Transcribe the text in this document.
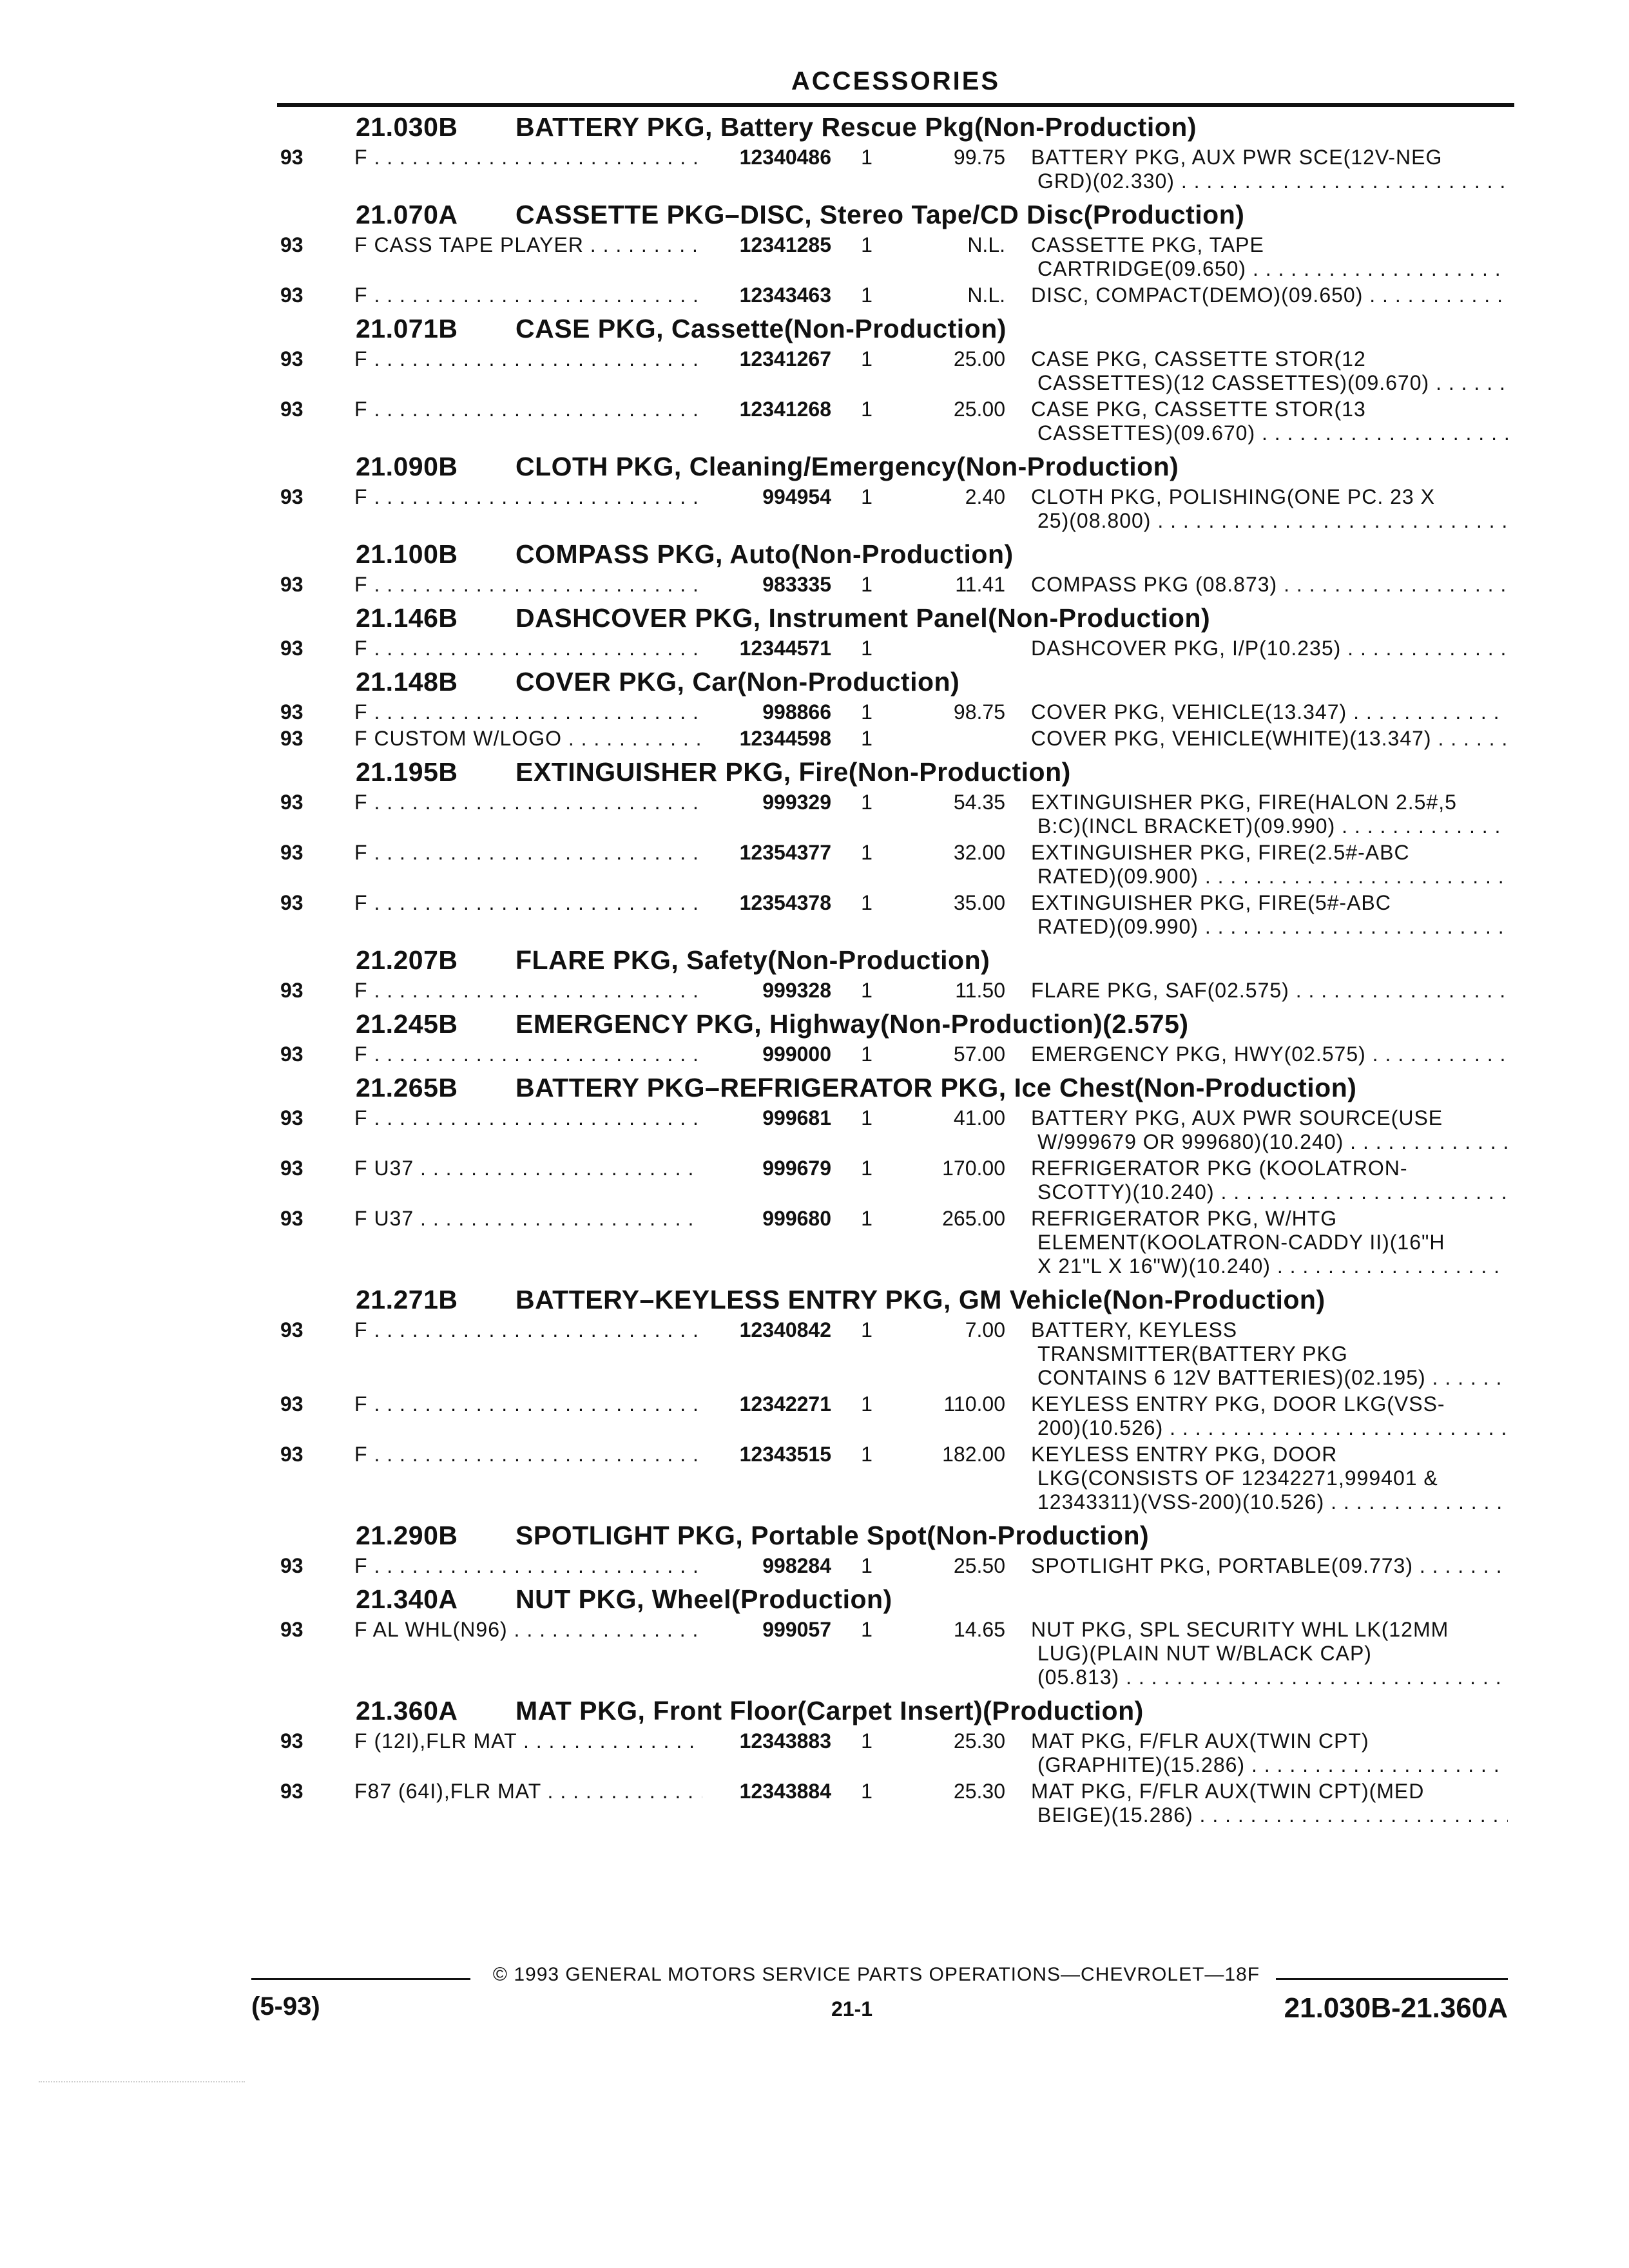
ACCESSORIES
21.030B BATTERY PKG, Battery Rescue Pkg(Non-Production)
93 F . . .	12340486 1	99.75 BATTERY PKG, AUX PWR SCE(12V-NEG
GRD)(02.330) . . .
21.070A CASSETTE PKG–DISC, Stereo Tape/CD Disc(Production)
93 F CASS TAPE PLAYER . . .	12341285 1	N.L. CASSETTE PKG, TAPE
CARTRIDGE(09.650) . . .
93 F . . .	12343463 1	N.L. DISC, COMPACT(DEMO)(09.650) . . .
21.071B CASE PKG, Cassette(Non-Production)
93 F . . .	12341267 1	25.00 CASE PKG, CASSETTE STOR(12
CASSETTES)(12 CASSETTES)(09.670) . . .
93 F . . .	12341268 1	25.00 CASE PKG, CASSETTE STOR(13
CASSETTES)(09.670) . . .
21.090B CLOTH PKG, Cleaning/Emergency(Non-Production)
93 F . . .	994954 1	2.40 CLOTH PKG, POLISHING(ONE PC. 23 X
25)(08.800) . . .
21.100B COMPASS PKG, Auto(Non-Production)
93 F . . .	983335 1	11.41 COMPASS PKG (08.873) . . .
21.146B DASHCOVER PKG, Instrument Panel(Non-Production)
93 F . . .	12344571 1	DASHCOVER PKG, I/P(10.235) . . .
21.148B COVER PKG, Car(Non-Production)
93 F . . .	998866 1	98.75 COVER PKG, VEHICLE(13.347) . . .
93 F CUSTOM W/LOGO . . .	12344598 1	COVER PKG, VEHICLE(WHITE)(13.347) . . .
21.195B EXTINGUISHER PKG, Fire(Non-Production)
93 F . . .	999329 1	54.35 EXTINGUISHER PKG, FIRE(HALON 2.5#,5
B:C)(INCL BRACKET)(09.990) . . .
93 F . . .	12354377 1	32.00 EXTINGUISHER PKG, FIRE(2.5#-ABC
RATED)(09.900) . . .
93 F . . .	12354378 1	35.00 EXTINGUISHER PKG, FIRE(5#-ABC
RATED)(09.990) . . .
21.207B FLARE PKG, Safety(Non-Production)
93 F . . .	999328 1	11.50 FLARE PKG, SAF(02.575) . . .
21.245B EMERGENCY PKG, Highway(Non-Production)(2.575)
93 F . . .	999000 1	57.00 EMERGENCY PKG, HWY(02.575) . . .
21.265B BATTERY PKG–REFRIGERATOR PKG, Ice Chest(Non-Production)
93 F . . .	999681 1	41.00 BATTERY PKG, AUX PWR SOURCE(USE
W/999679 OR 999680)(10.240) . . .
93 F U37 . . .	999679 1	170.00 REFRIGERATOR PKG (KOOLATRON-
SCOTTY)(10.240) . . .
93 F U37 . . .	999680 1	265.00 REFRIGERATOR PKG, W/HTG
ELEMENT(KOOLATRON-CADDY II)(16"H
X 21"L X 16"W)(10.240) . . .
21.271B BATTERY–KEYLESS ENTRY PKG, GM Vehicle(Non-Production)
93 F . . .	12340842 1	7.00 BATTERY, KEYLESS
TRANSMITTER(BATTERY PKG
CONTAINS 6 12V BATTERIES)(02.195) . . .
93 F . . .	12342271 1	110.00 KEYLESS ENTRY PKG, DOOR LKG(VSS-
200)(10.526) . . .
93 F . . .	12343515 1	182.00 KEYLESS ENTRY PKG, DOOR
LKG(CONSISTS OF 12342271,999401 &
12343311)(VSS-200)(10.526) . . .
21.290B SPOTLIGHT PKG, Portable Spot(Non-Production)
93 F . . .	998284 1	25.50 SPOTLIGHT PKG, PORTABLE(09.773) . . .
21.340A NUT PKG, Wheel(Production)
93 F AL WHL(N96) . . .	999057 1	14.65 NUT PKG, SPL SECURITY WHL LK(12MM
LUG)(PLAIN NUT W/BLACK CAP)
(05.813) . . .
21.360A MAT PKG, Front Floor(Carpet Insert)(Production)
93 F (12I),FLR MAT . . .	12343883 1	25.30 MAT PKG, F/FLR AUX(TWIN CPT)
(GRAPHITE)(15.286) . . .
93 F87 (64I),FLR MAT . . .	12343884 1	25.30 MAT PKG, F/FLR AUX(TWIN CPT)(MED
BEIGE)(15.286) . . .
© 1993 GENERAL MOTORS SERVICE PARTS OPERATIONS—CHEVROLET—18F
(5-93)	21-1	21.030B-21.360A
